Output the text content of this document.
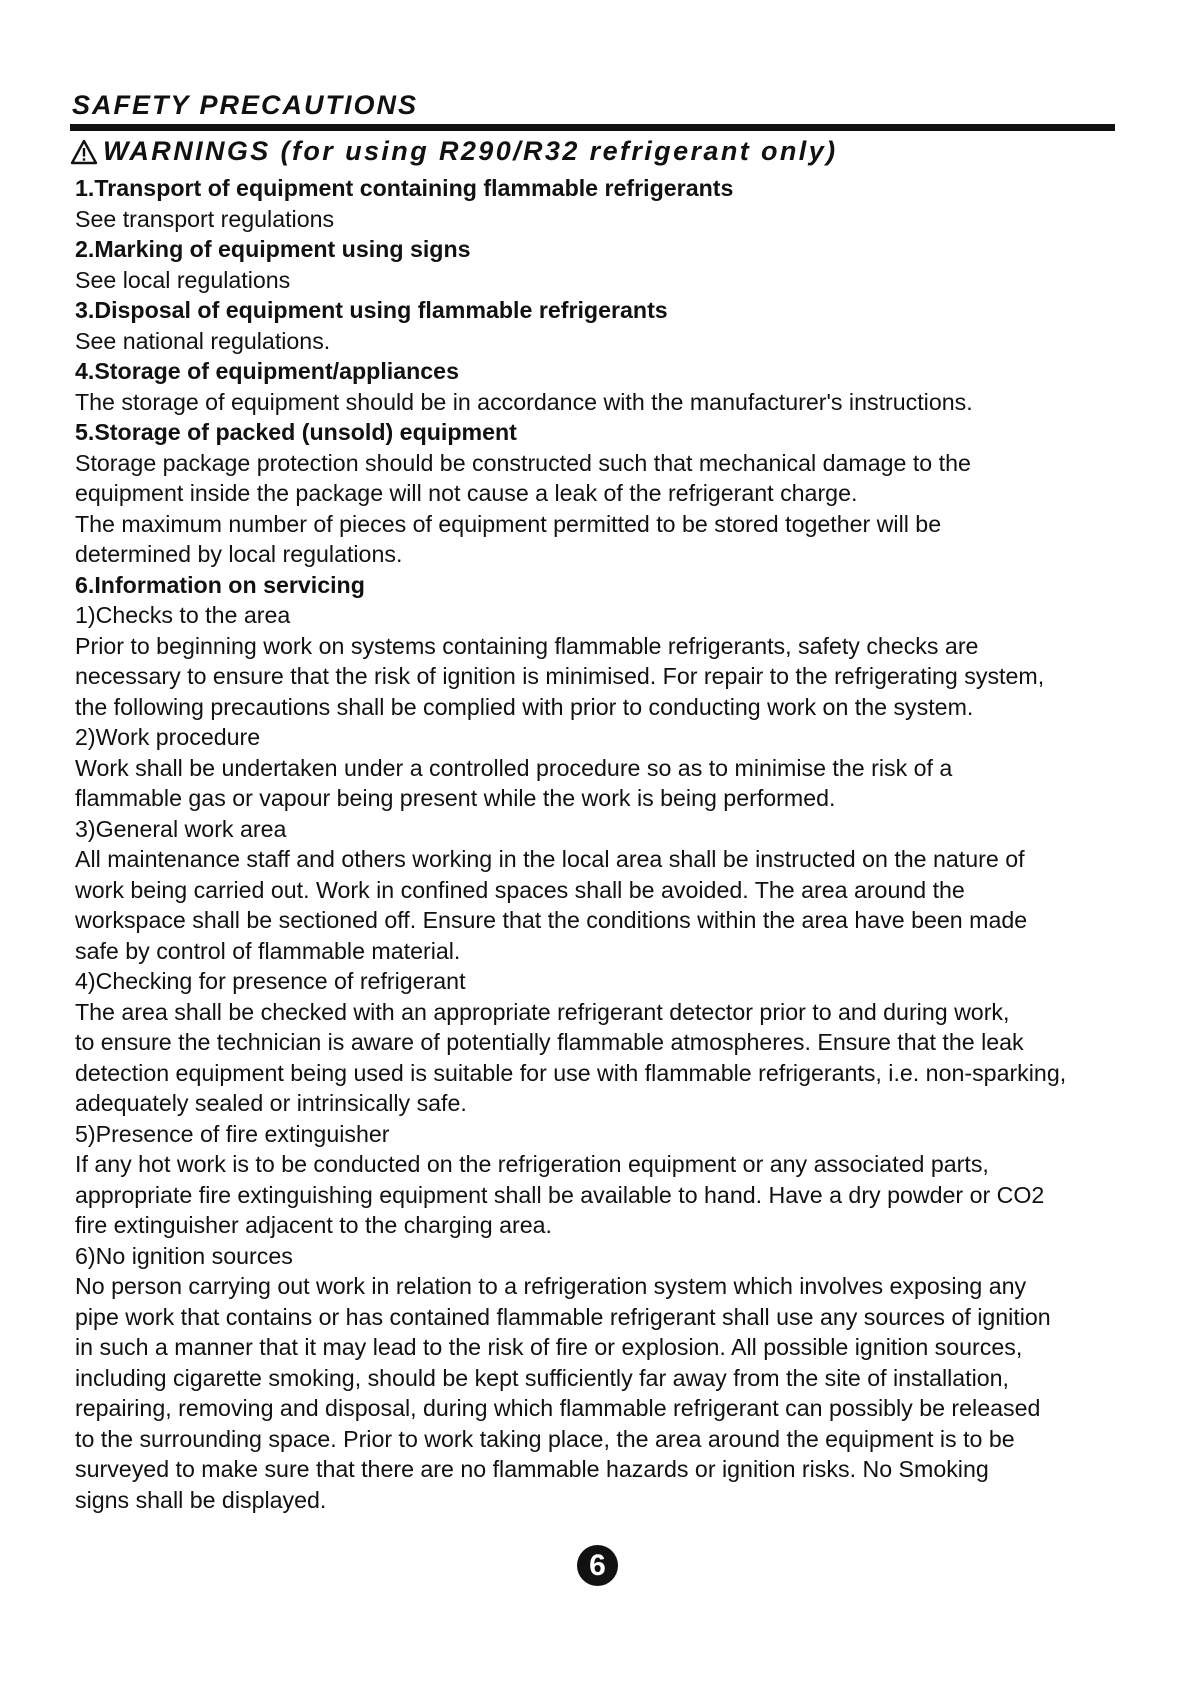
SAFETY PRECAUTIONS
WARNINGS (for using R290/R32 refrigerant only)

1.Transport of equipment containing flammable refrigerants

See transport regulations

2.Marking of equipment using signs

See local regulations

3.Disposal of equipment using flammable refrigerants

See national regulations.

4.Storage of equipment/appliances

The storage of equipment should be in accordance with the manufacturer's instructions.

5.Storage of packed (unsold) equipment

Storage package protection should be constructed such that mechanical damage to the

equipment inside the package will not cause a leak of the refrigerant charge.

The maximum number of pieces of equipment permitted to be stored together will be

determined by local regulations.

6.Information on servicing

1)Checks to the area

Prior to beginning work on systems containing flammable refrigerants, safety checks are

necessary to ensure that the risk of ignition is minimised. For repair to the refrigerating system,

the following precautions shall be complied with prior to conducting work on the system.

2)Work procedure

Work shall be undertaken under a controlled procedure so as to minimise the risk of a

flammable gas or vapour being present while the work is being performed.

3)General work area

All maintenance staff and others working in the local area shall be instructed on the nature of

work being carried out. Work in confined spaces shall be avoided. The area around the

workspace shall be sectioned off. Ensure that the conditions within the area have been made

safe by control of flammable material.

4)Checking for presence of refrigerant

The area shall be checked with an appropriate refrigerant detector prior to and during work,

to ensure the technician is aware of potentially flammable atmospheres. Ensure that the leak

detection equipment being used is suitable for use with flammable refrigerants, i.e. non-sparking,

adequately sealed or intrinsically safe.

5)Presence of fire extinguisher

If any hot work is to be conducted on the refrigeration equipment or any associated parts,

appropriate fire extinguishing equipment shall be available to hand. Have a dry powder or CO2

fire extinguisher adjacent to the charging area.

6)No ignition sources

No person carrying out work in relation to a refrigeration system which involves exposing any

pipe work that contains or has contained flammable refrigerant shall use any sources of ignition

in such a manner that it may lead to the risk of fire or explosion. All possible ignition sources,

including cigarette smoking, should be kept sufficiently far away from the site of installation,

repairing, removing and disposal, during which flammable refrigerant can possibly be released

to the surrounding space. Prior to work taking place, the area around the equipment is to be

surveyed to make sure that there are no flammable hazards or ignition risks. No Smoking

signs shall be displayed.

6
